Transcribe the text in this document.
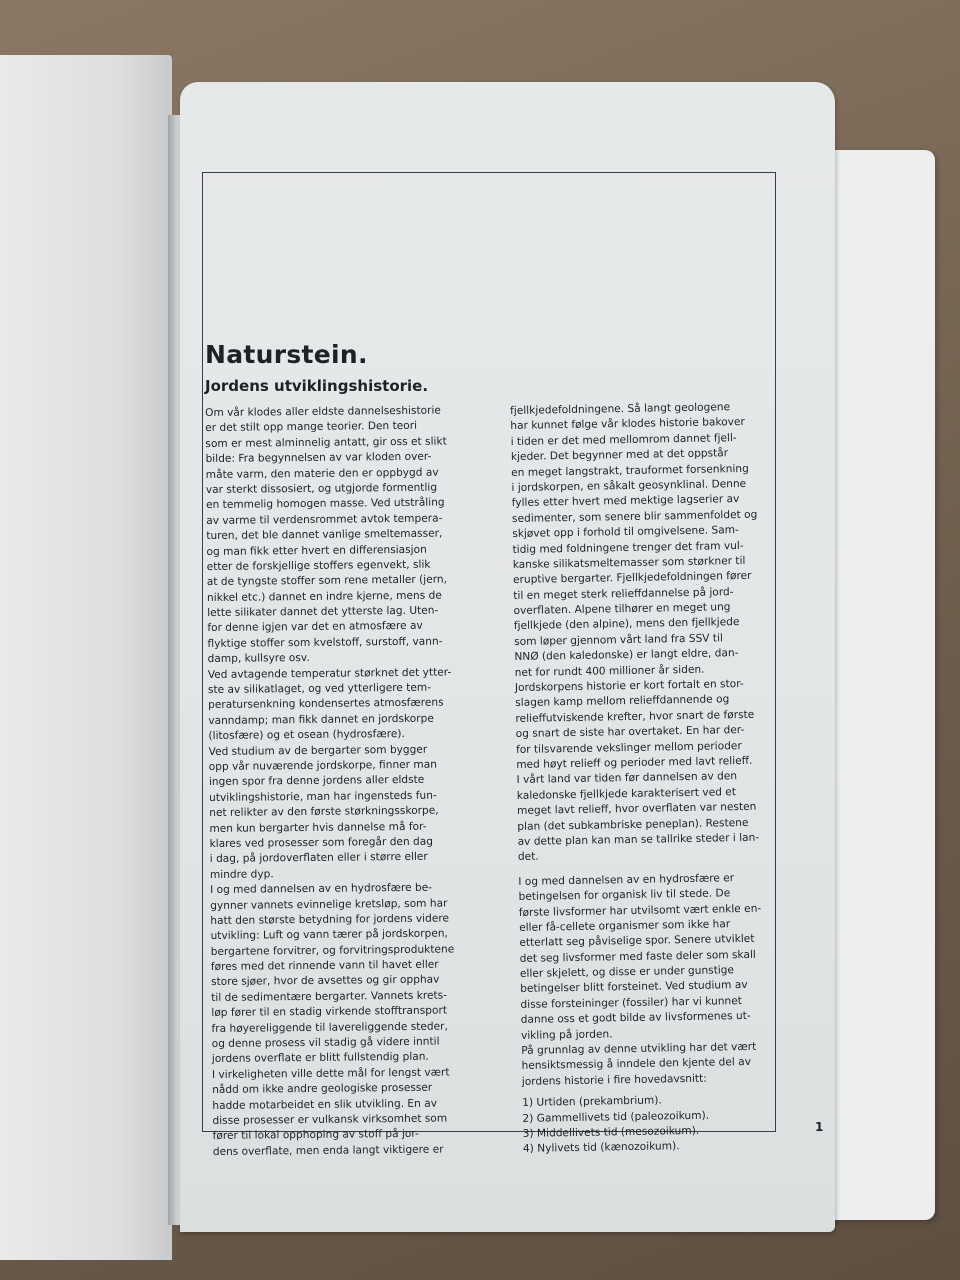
Naturstein.
Jordens utviklingshistorie.
Om vår klodes aller eldste dannelseshistorie
er det stilt opp mange teorier. Den teori
som er mest alminnelig antatt, gir oss et slikt
bilde: Fra begynnelsen av var kloden over-
måte varm, den materie den er oppbygd av
var sterkt dissosiert, og utgjorde formentlig
en temmelig homogen masse. Ved utstråling
av varme til verdensrommet avtok tempera-
turen, det ble dannet vanlige smeltemasser,
og man fikk etter hvert en differensiasjon
etter de forskjellige stoffers egenvekt, slik
at de tyngste stoffer som rene metaller (jern,
nikkel etc.) dannet en indre kjerne, mens de
lette silikater dannet det ytterste lag. Uten-
for denne igjen var det en atmosfære av
flyktige stoffer som kvelstoff, surstoff, vann-
damp, kullsyre osv.
Ved avtagende temperatur størknet det ytter-
ste av silikatlaget, og ved ytterligere tem-
peratursenkning kondensertes atmosfærens
vanndamp; man fikk dannet en jordskorpe
(litosfære) og et osean (hydrosfære).
Ved studium av de bergarter som bygger
opp vår nuværende jordskorpe, finner man
ingen spor fra denne jordens aller eldste
utviklingshistorie, man har ingensteds fun-
net relikter av den første størkningsskorpe,
men kun bergarter hvis dannelse må for-
klares ved prosesser som foregår den dag
i dag, på jordoverflaten eller i større eller
mindre dyp.
I og med dannelsen av en hydrosfære be-
gynner vannets evinnelige kretsløp, som har
hatt den største betydning for jordens videre
utvikling: Luft og vann tærer på jordskorpen,
bergartene forvitrer, og forvitringsproduktene
føres med det rinnende vann til havet eller
store sjøer, hvor de avsettes og gir opphav
til de sedimentære bergarter. Vannets krets-
løp fører til en stadig virkende stofftransport
fra høyereliggende til lavereliggende steder,
og denne prosess vil stadig gå videre inntil
jordens overflate er blitt fullstendig plan.
I virkeligheten ville dette mål for lengst vært
nådd om ikke andre geologiske prosesser
hadde motarbeidet en slik utvikling. En av
disse prosesser er vulkansk virksomhet som
fører til lokal opphoping av stoff på jor-
dens overflate, men enda langt viktigere er
fjellkjedefoldningene. Så langt geologene
har kunnet følge vår klodes historie bakover
i tiden er det med mellomrom dannet fjell-
kjeder. Det begynner med at det oppstår
en meget langstrakt, trauformet forsenkning
i jordskorpen, en såkalt geosynklinal. Denne
fylles etter hvert med mektige lagserier av
sedimenter, som senere blir sammenfoldet og
skjøvet opp i forhold til omgivelsene. Sam-
tidig med foldningene trenger det fram vul-
kanske silikatsmeltemasser som størkner til
eruptive bergarter. Fjellkjedefoldningen fører
til en meget sterk relieffdannelse på jord-
overflaten. Alpene tilhører en meget ung
fjellkjede (den alpine), mens den fjellkjede
som løper gjennom vårt land fra SSV til
NNØ (den kaledonske) er langt eldre, dan-
net for rundt 400 millioner år siden.
Jordskorpens historie er kort fortalt en stor-
slagen kamp mellom relieffdannende og
relieffutviskende krefter, hvor snart de første
og snart de siste har overtaket. En har der-
for tilsvarende vekslinger mellom perioder
med høyt relieff og perioder med lavt relieff.
I vårt land var tiden før dannelsen av den
kaledonske fjellkjede karakterisert ved et
meget lavt relieff, hvor overflaten var nesten
plan (det subkambriske peneplan). Restene
av dette plan kan man se tallrike steder i lan-
det.
I og med dannelsen av en hydrosfære er
betingelsen for organisk liv til stede. De
første livsformer har utvilsomt vært enkle en-
eller få-cellete organismer som ikke har
etterlatt seg påviselige spor. Senere utviklet
det seg livsformer med faste deler som skall
eller skjelett, og disse er under gunstige
betingelser blitt forsteinet. Ved studium av
disse forsteininger (fossiler) har vi kunnet
danne oss et godt bilde av livsformenes ut-
vikling på jorden.
På grunnlag av denne utvikling har det vært
hensiktsmessig å inndele den kjente del av
jordens historie i fire hovedavsnitt:
1) Urtiden (prekambrium).
2) Gammellivets tid (paleozoikum).
3) Middellivets tid (mesozoikum).
4) Nylivets tid (kænozoikum).
1
